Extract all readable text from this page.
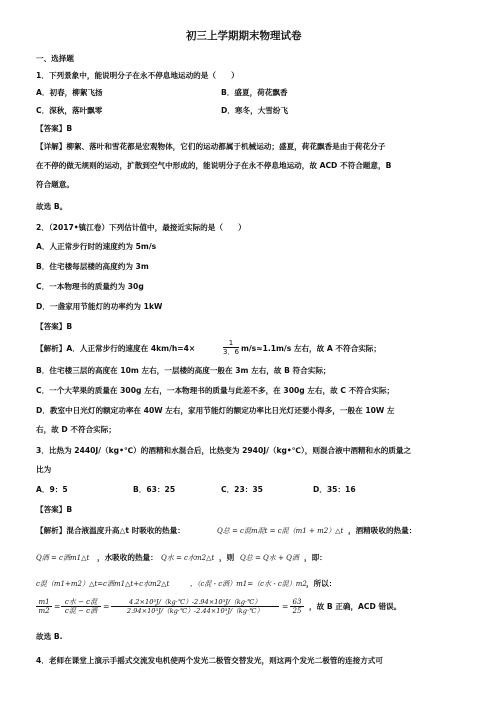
初三上学期期末物理试卷
一、选择题
1．下列景象中，能说明分子在永不停息地运动的是（　　）
A．初春，柳絮飞扬	B．盛夏，荷花飘香
C．深秋，落叶飘零	D．寒冬，大雪纷飞
【答案】B
【详解】柳絮、落叶和雪花都是宏观物体，它们的运动都属于机械运动；盛夏，荷花飘香是由于荷花分子
在不停的做无规则的运动，扩散到空气中形成的，能说明分子在永不停息地运动，故 ACD 不符合题意，B
符合题意。
故选 B。
2．（2017•镇江卷）下列估计值中，最接近实际的是（　　）
A．人正常步行时的速度约为 5m/s
B．住宅楼每层楼的高度约为 3m
C．一本物理书的质量约为 30g
D．一盏家用节能灯的功率约为 1kW
【答案】B
【解析】A．人正常步行的速度在 4km/h=4×	$\frac{1}{3.6} m/s\approx 1.1m/s$ 左右，故 A 不符合实际；
B．住宅楼三层的高度在 10m 左右，一层楼的高度一般在 3m 左右，故 B 符合实际；
C．一个大苹果的质量在 300g 左右，一本物理书的质量与此差不多，在 300g 左右，故 C 不符合实际；
D．教室中日光灯的额定功率在 40W 左右，家用节能灯的额定功率比日光灯还要小得多，一般在 10W 左
右，故 D 不符合实际；
3．比热为 2440J/（kg•℃）的酒精和水混合后，比热变为 2940J/（kg•℃），则混合液中酒精和水的质量之
比为
A．9：5	B．63：25	C．23：35	D．35：16
【答案】B
【解析】混合液温度升高△t 时吸收的热量：	Q总 = c混m混t = c混（m1 + m2）△t ，酒精吸收的热量：
Q酒 = c酒m1△t ，水吸收的热量： Q水 = c水m2△t ，则 Q总 = Q水 + Q酒 ，即：
c混（m1+m2）△t=c酒m1△t+c水m2△t	，（c混 - c酒）m1=（c水 - c混）m2 ，所以：
$\frac{m1}{m2} = c$水 − c混
c混 − c酒 = $\frac{\text{4.2×10³J/（kg·℃）-2.94×10³J/（kg·℃）}}{\text{2.94×10³J/（kg·℃）-2.44×10³J/（kg·℃）}} = \frac{63}{25}$ ，故 B 正确，ACD 错误。
故选 B.
4．老师在课堂上演示手摇式交流发电机使两个发光二极管交替发光，则这两个发光二极管的连接方式可
